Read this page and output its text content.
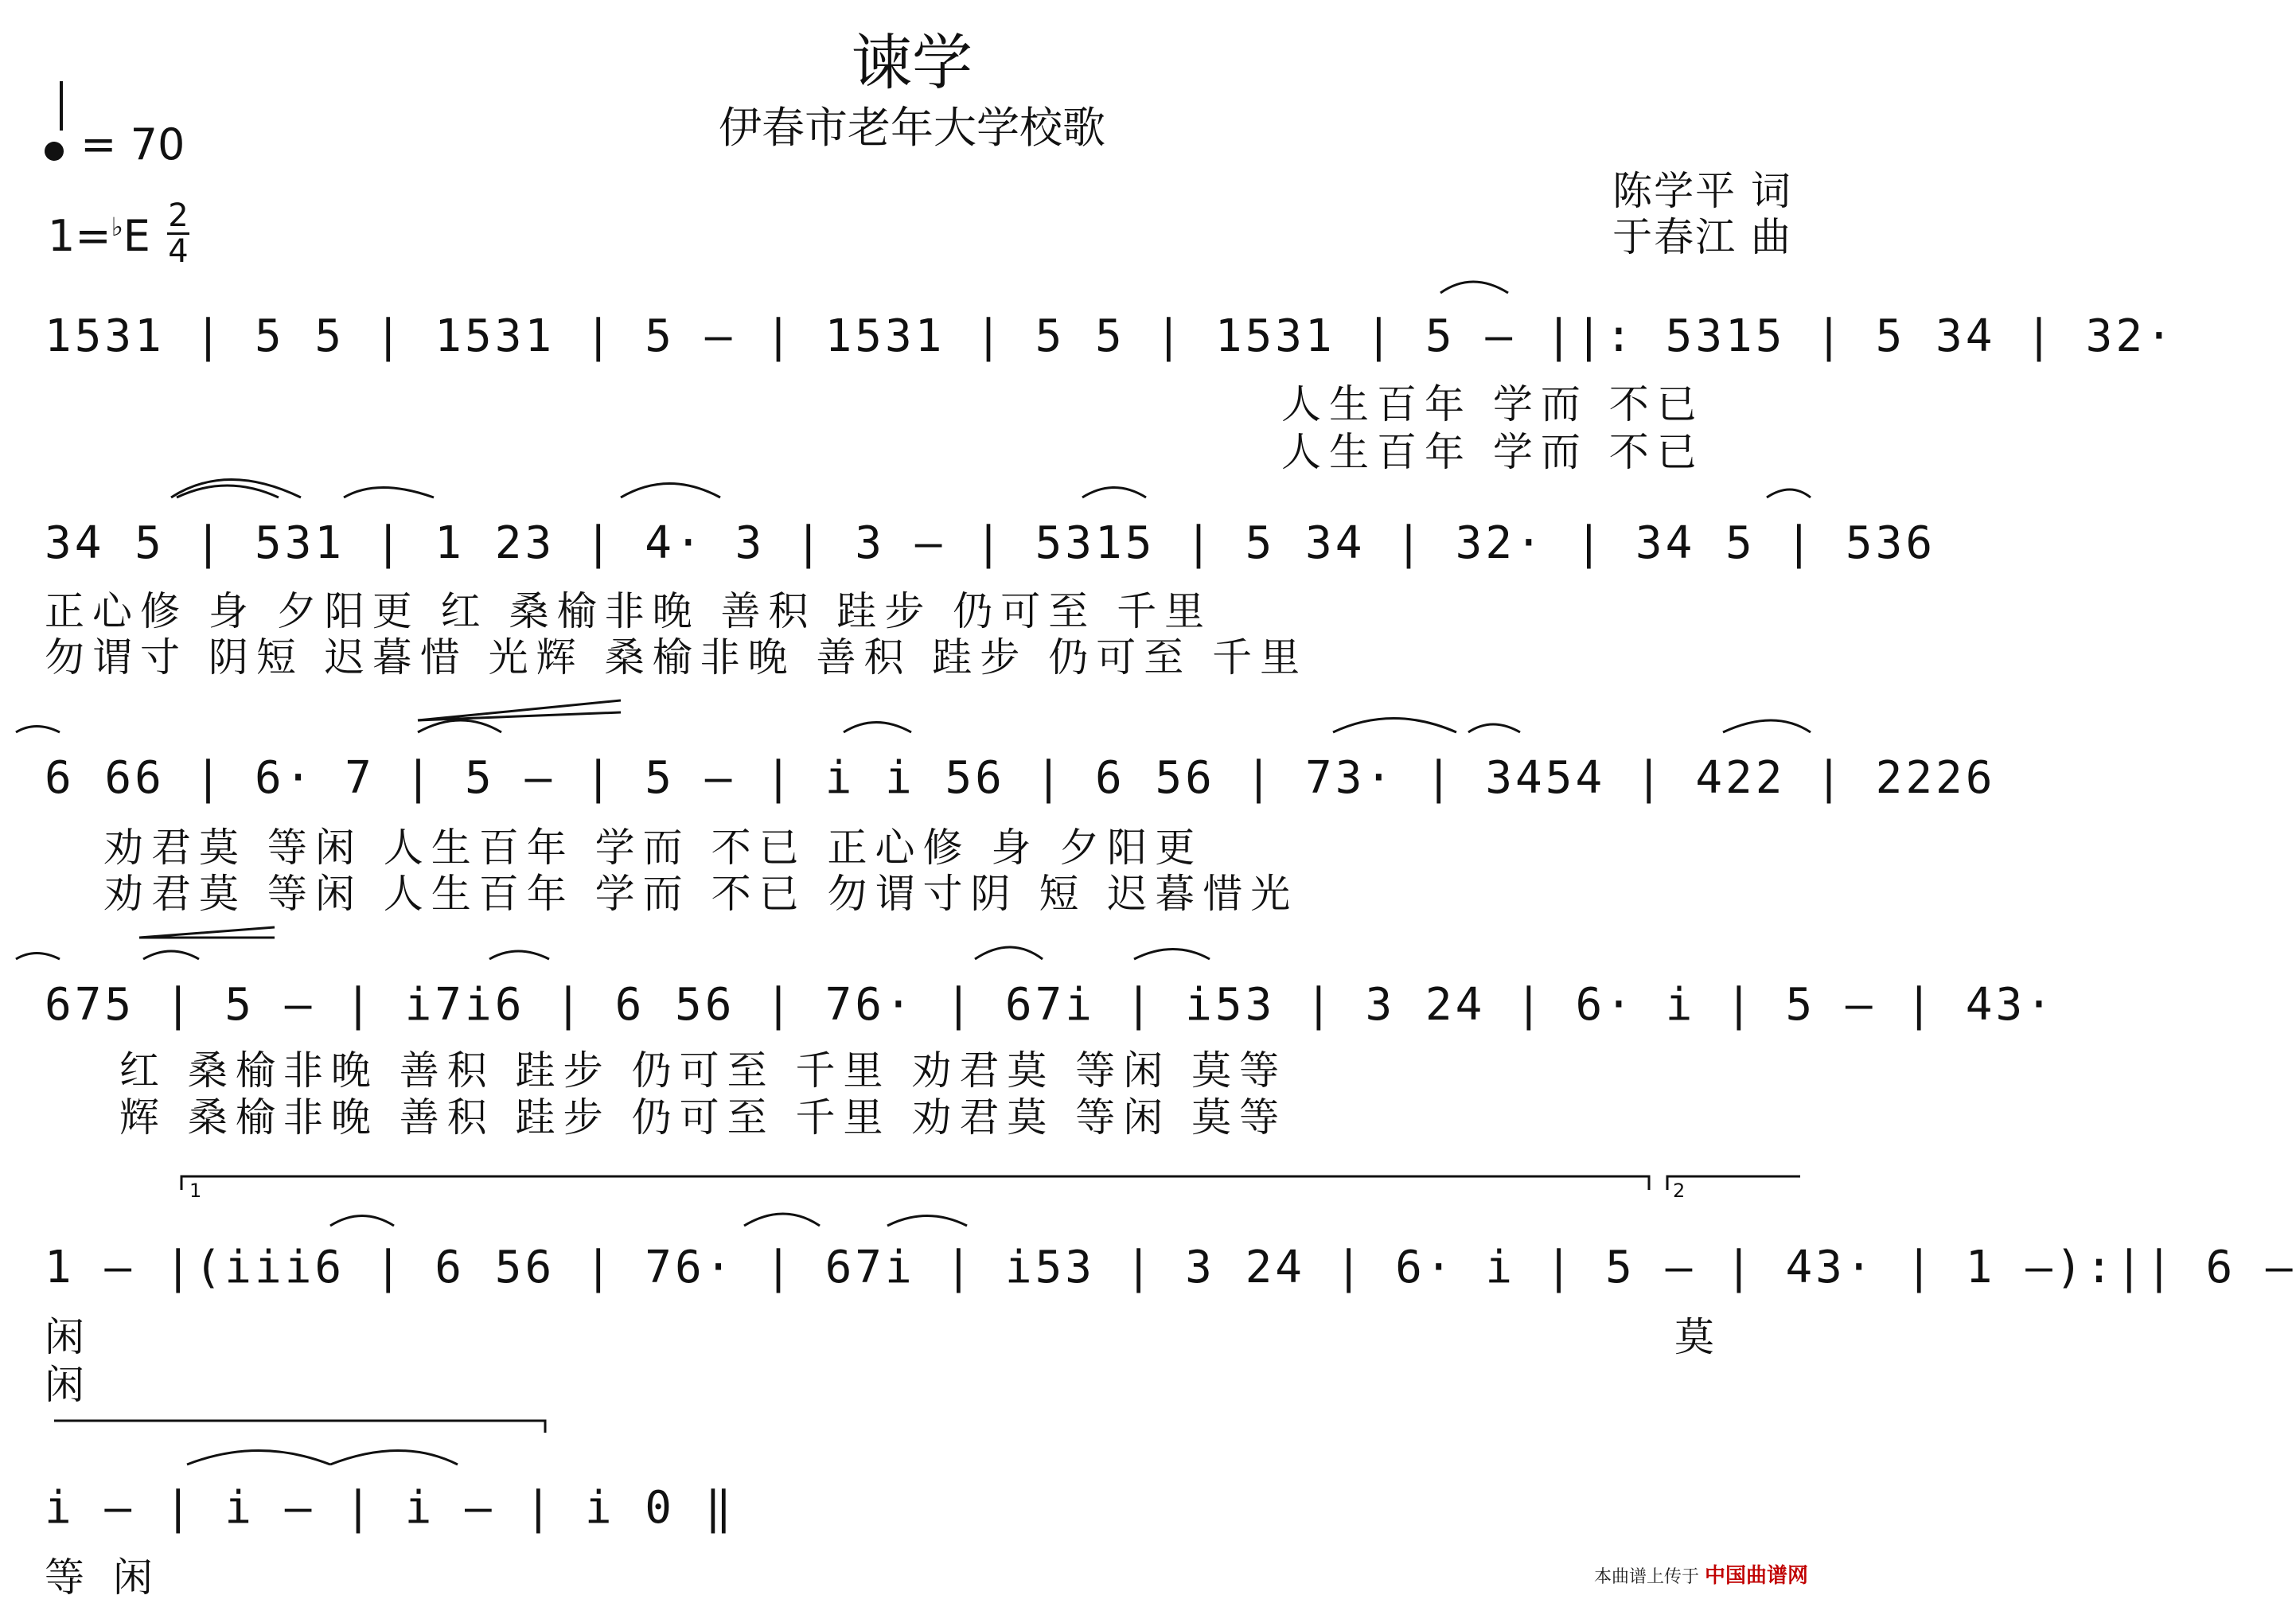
谏学
伊春市老年大学校歌
= 70
1=♭E 2
4
陈学平 词
于春江 曲
1531 | 5 5 | 1531 | 5 – | 1531 | 5 5 | 1531 | 5 – ||: 5315 | 5 34 | 32·
人生百年 学而 不已
人生百年 学而 不已
34 5 | 531 | 1 23 | 4· 3 | 3 – | 5315 | 5 34 | 32· | 34 5 | 536
正心修 身 夕阳更 红 桑榆非晚 善积 跬步 仍可至 千里
勿谓寸 阴短 迟暮惜 光辉 桑榆非晚 善积 跬步 仍可至 千里
6 66 | 6· 7 | 5 – | 5 – | i i 56 | 6 56 | 73· | 3454 | 422 | 2226
劝君莫 等闲 人生百年 学而 不已 正心修 身 夕阳更
劝君莫 等闲 人生百年 学而 不已 勿谓寸阴 短 迟暮惜光
675 | 5 – | i7i6 | 6 56 | 76· | 67i | i53 | 3 24 | 6· i | 5 – | 43·
红 桑榆非晚 善积 跬步 仍可至 千里 劝君莫 等闲 莫等
辉 桑榆非晚 善积 跬步 仍可至 千里 劝君莫 等闲 莫等
1	2
1 – |(iii6 | 6 56 | 76· | 67i | i53 | 3 24 | 6· i | 5 – | 43· | 1 –):|| 6 –
闲
闲
莫
i – | i – | i – | i 0 ‖
等 闲	本曲谱上传于 中国曲谱网
